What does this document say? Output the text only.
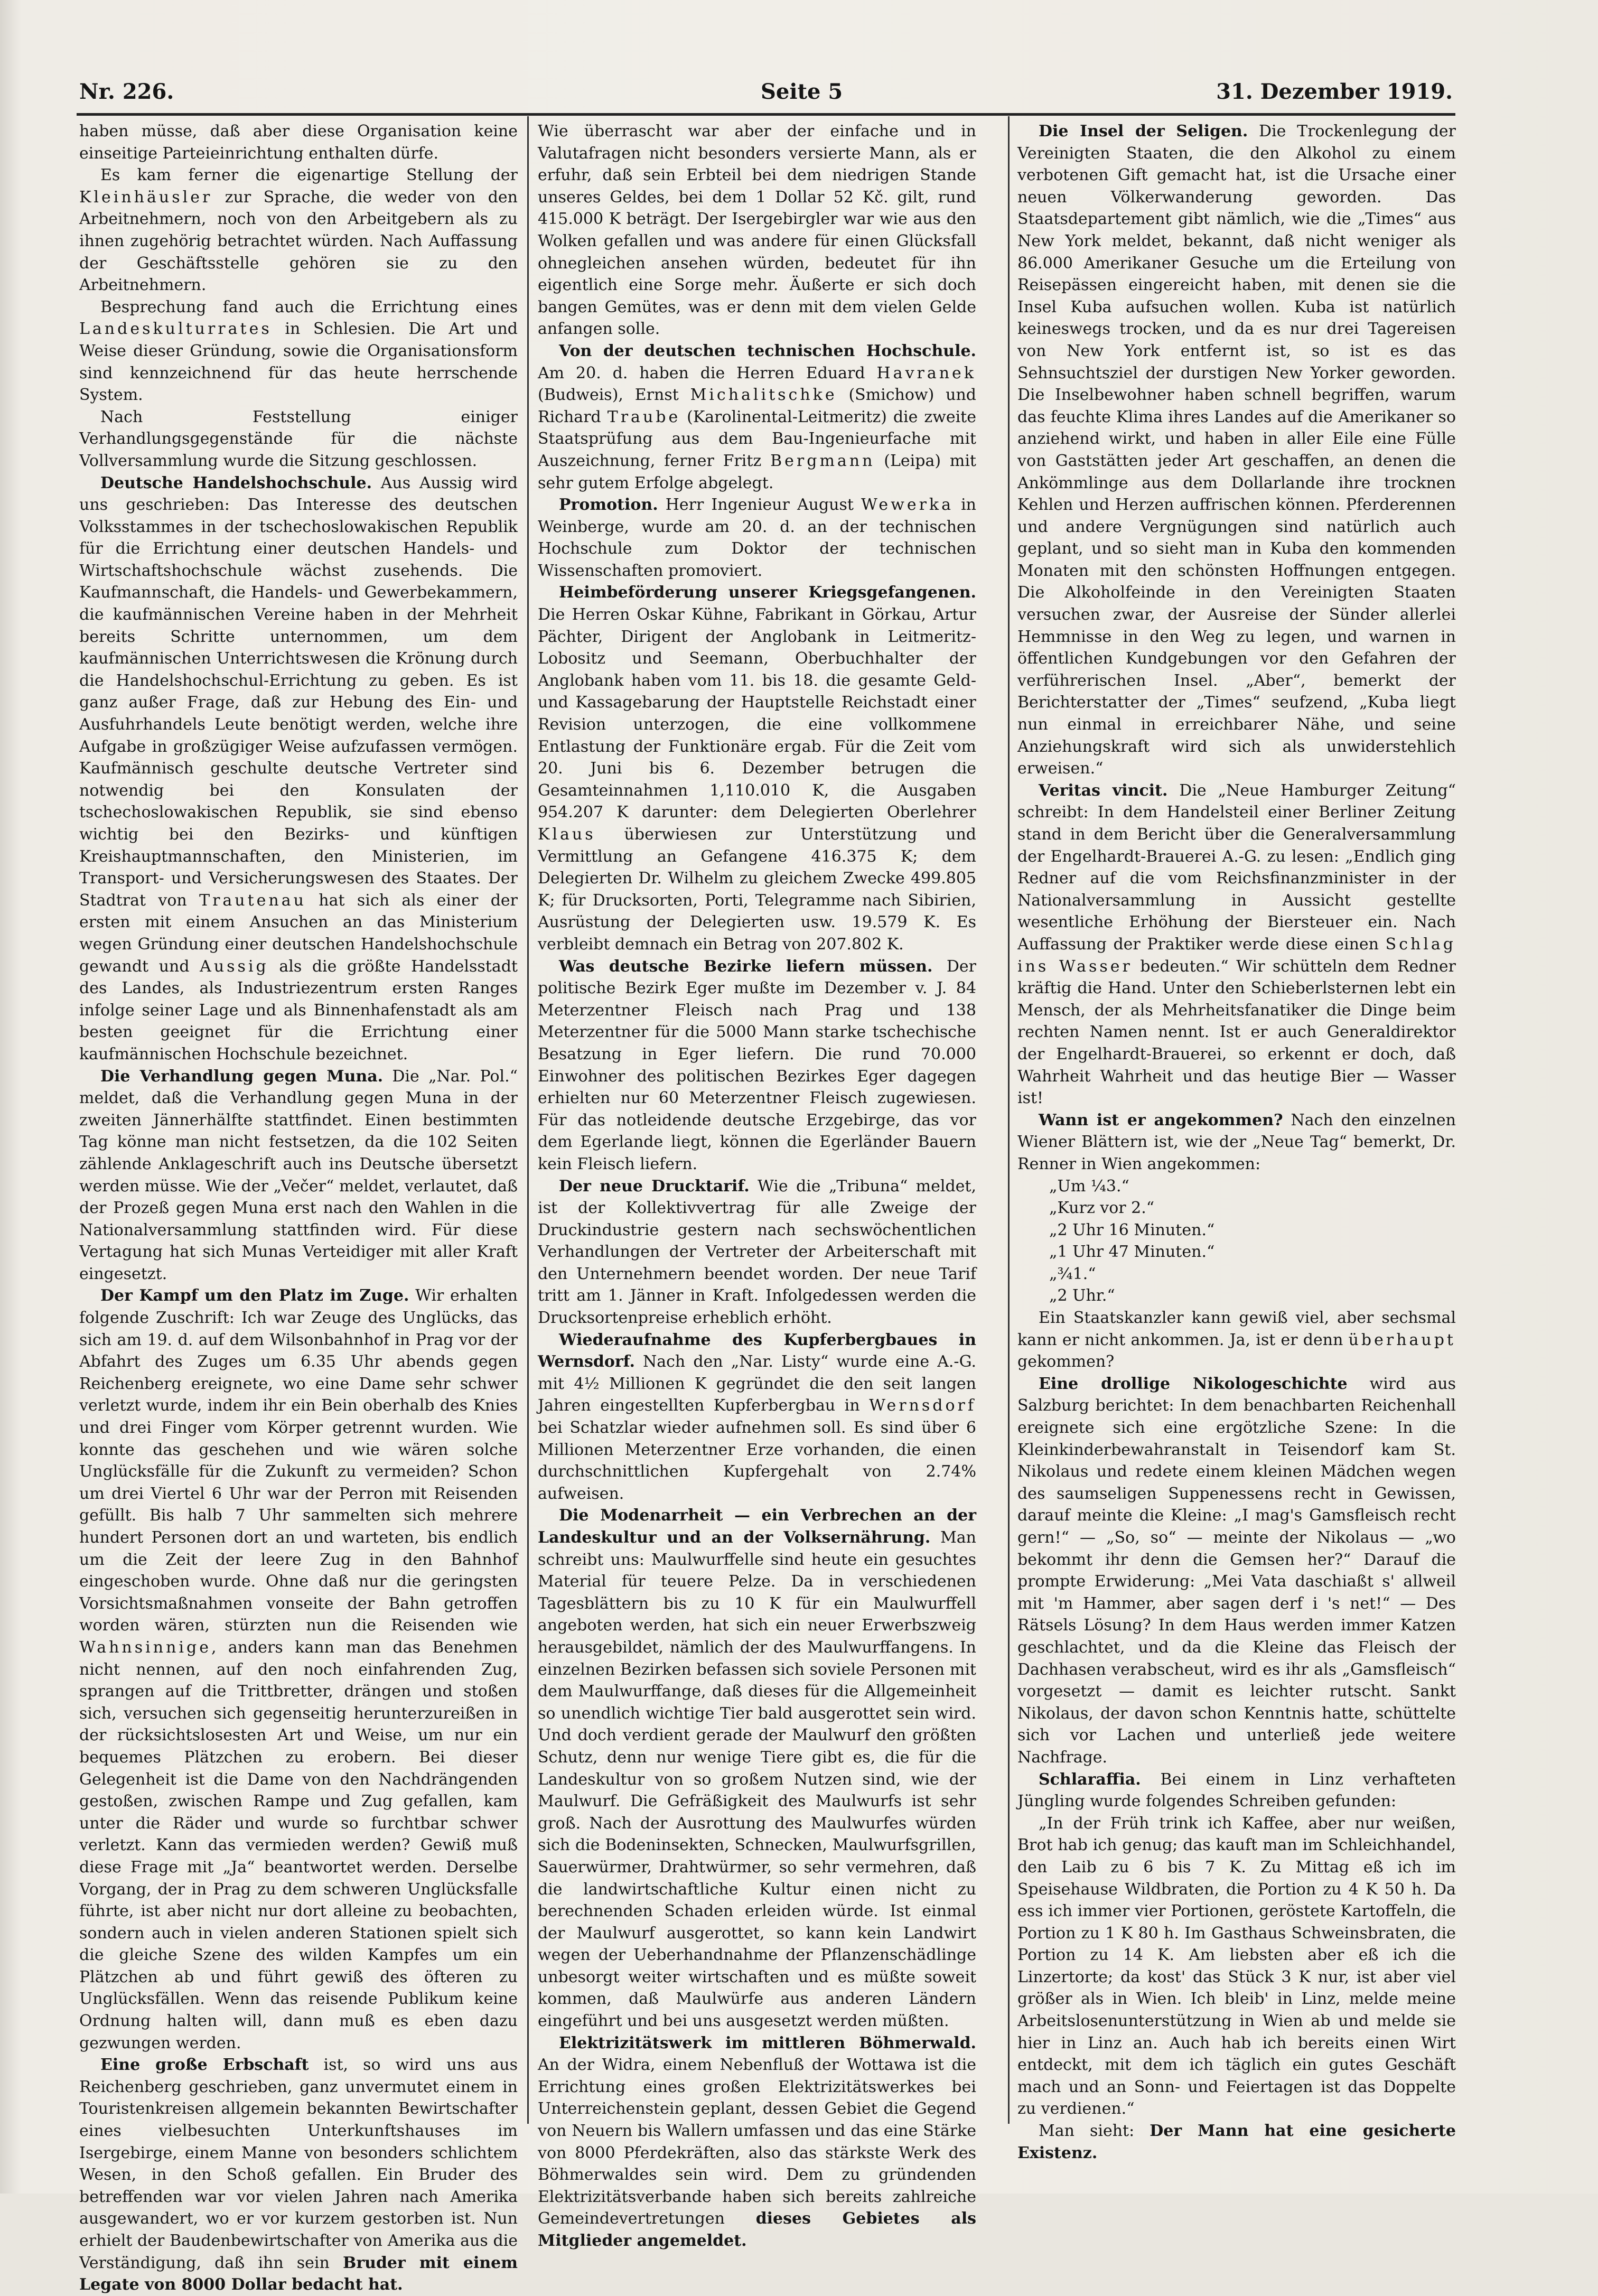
Nr. 226.	Seite 5	31. Dezember 1919.

haben müsse, daß aber diese Organisation keine einseitige Parteieinrichtung enthalten dürfe.

Es kam ferner die eigenartige Stellung der Kleinhäusler zur Sprache, die weder von den Arbeitnehmern, noch von den Arbeitgebern als zu ihnen zugehörig betrachtet würden. Nach Auffassung der Geschäftsstelle gehören sie zu den Arbeitnehmern.

Besprechung fand auch die Errichtung eines Landeskulturrates in Schlesien. Die Art und Weise dieser Gründung, sowie die Organisationsform sind kennzeichnend für das heute herrschende System.

Nach Feststellung einiger Verhandlungsgegenstände für die nächste Vollversammlung wurde die Sitzung geschlossen.

Deutsche Handelshochschule. Aus Aussig wird uns geschrieben: Das Interesse des deutschen Volksstammes in der tschechoslowakischen Republik für die Errichtung einer deutschen Handels- und Wirtschaftshochschule wächst zusehends. Die Kaufmannschaft, die Handels- und Gewerbekammern, die kaufmännischen Vereine haben in der Mehrheit bereits Schritte unternommen, um dem kaufmännischen Unterrichtswesen die Krönung durch die Handelshochschul-Errichtung zu geben. Es ist ganz außer Frage, daß zur Hebung des Ein- und Ausfuhrhandels Leute benötigt werden, welche ihre Aufgabe in großzügiger Weise aufzufassen vermögen. Kaufmännisch geschulte deutsche Vertreter sind notwendig bei den Konsulaten der tschechoslowakischen Republik, sie sind ebenso wichtig bei den Bezirks- und künftigen Kreishauptmannschaften, den Ministerien, im Transport- und Versicherungswesen des Staates. Der Stadtrat von Trautenau hat sich als einer der ersten mit einem Ansuchen an das Ministerium wegen Gründung einer deutschen Handelshochschule gewandt und Aussig als die größte Handelsstadt des Landes, als Industriezentrum ersten Ranges infolge seiner Lage und als Binnenhafenstadt als am besten geeignet für die Errichtung einer kaufmännischen Hochschule bezeichnet.

Die Verhandlung gegen Muna. Die „Nar. Pol.“ meldet, daß die Verhandlung gegen Muna in der zweiten Jännerhälfte stattfindet. Einen bestimmten Tag könne man nicht festsetzen, da die 102 Seiten zählende Anklageschrift auch ins Deutsche übersetzt werden müsse. Wie der „Večer“ meldet, verlautet, daß der Prozeß gegen Muna erst nach den Wahlen in die Nationalversammlung stattfinden wird. Für diese Vertagung hat sich Munas Verteidiger mit aller Kraft eingesetzt.

Der Kampf um den Platz im Zuge. Wir erhalten folgende Zuschrift: Ich war Zeuge des Unglücks, das sich am 19. d. auf dem Wilsonbahnhof in Prag vor der Abfahrt des Zuges um 6.35 Uhr abends gegen Reichenberg ereignete, wo eine Dame sehr schwer verletzt wurde, indem ihr ein Bein oberhalb des Knies und drei Finger vom Körper getrennt wurden. Wie konnte das geschehen und wie wären solche Unglücksfälle für die Zukunft zu vermeiden? Schon um drei Viertel 6 Uhr war der Perron mit Reisenden gefüllt. Bis halb 7 Uhr sammelten sich mehrere hundert Personen dort an und warteten, bis endlich um die Zeit der leere Zug in den Bahnhof eingeschoben wurde. Ohne daß nur die geringsten Vorsichtsmaßnahmen vonseite der Bahn getroffen worden wären, stürzten nun die Reisenden wie Wahnsinnige, anders kann man das Benehmen nicht nennen, auf den noch einfahrenden Zug, sprangen auf die Trittbretter, drängen und stoßen sich, versuchen sich gegenseitig herunterzureißen in der rücksichtslosesten Art und Weise, um nur ein bequemes Plätzchen zu erobern. Bei dieser Gelegenheit ist die Dame von den Nachdrängenden gestoßen, zwischen Rampe und Zug gefallen, kam unter die Räder und wurde so furchtbar schwer verletzt. Kann das vermieden werden? Gewiß muß diese Frage mit „Ja“ beantwortet werden. Derselbe Vorgang, der in Prag zu dem schweren Unglücksfalle führte, ist aber nicht nur dort alleine zu beobachten, sondern auch in vielen anderen Stationen spielt sich die gleiche Szene des wilden Kampfes um ein Plätzchen ab und führt gewiß des öfteren zu Unglücksfällen. Wenn das reisende Publikum keine Ordnung halten will, dann muß es eben dazu gezwungen werden.

Eine große Erbschaft ist, so wird uns aus Reichenberg geschrieben, ganz unvermutet einem in Touristenkreisen allgemein bekannten Bewirtschafter eines vielbesuchten Unterkunftshauses im Isergebirge, einem Manne von besonders schlichtem Wesen, in den Schoß gefallen. Ein Bruder des betreffenden war vor vielen Jahren nach Amerika ausgewandert, wo er vor kurzem gestorben ist. Nun erhielt der Baudenbewirtschafter von Amerika aus die Verständigung, daß ihn sein Bruder mit einem Legate von 8000 Dollar bedacht hat.

Wie überrascht war aber der einfache und in Valutafragen nicht besonders versierte Mann, als er erfuhr, daß sein Erbteil bei dem niedrigen Stande unseres Geldes, bei dem 1 Dollar 52 Kč. gilt, rund 415.000 K beträgt. Der Isergebirgler war wie aus den Wolken gefallen und was andere für einen Glücksfall ohnegleichen ansehen würden, bedeutet für ihn eigentlich eine Sorge mehr. Äußerte er sich doch bangen Gemütes, was er denn mit dem vielen Gelde anfangen solle.

Von der deutschen technischen Hochschule. Am 20. d. haben die Herren Eduard Havranek (Budweis), Ernst Michalitschke (Smichow) und Richard Traube (Karolinental-Leitmeritz) die zweite Staatsprüfung aus dem Bau-Ingenieurfache mit Auszeichnung, ferner Fritz Bergmann (Leipa) mit sehr gutem Erfolge abgelegt.

Promotion. Herr Ingenieur August Wewerka in Weinberge, wurde am 20. d. an der technischen Hochschule zum Doktor der technischen Wissenschaften promoviert.

Heimbeförderung unserer Kriegsgefangenen. Die Herren Oskar Kühne, Fabrikant in Görkau, Artur Pächter, Dirigent der Anglobank in Leitmeritz-Lobositz und Seemann, Oberbuchhalter der Anglobank haben vom 11. bis 18. die gesamte Geld- und Kassagebarung der Hauptstelle Reichstadt einer Revision unterzogen, die eine vollkommene Entlastung der Funktionäre ergab. Für die Zeit vom 20. Juni bis 6. Dezember betrugen die Gesamteinnahmen 1,110.010 K, die Ausgaben 954.207 K darunter: dem Delegierten Oberlehrer Klaus überwiesen zur Unterstützung und Vermittlung an Gefangene 416.375 K; dem Delegierten Dr. Wilhelm zu gleichem Zwecke 499.805 K; für Drucksorten, Porti, Telegramme nach Sibirien, Ausrüstung der Delegierten usw. 19.579 K. Es verbleibt demnach ein Betrag von 207.802 K.

Was deutsche Bezirke liefern müssen. Der politische Bezirk Eger mußte im Dezember v. J. 84 Meterzentner Fleisch nach Prag und 138 Meterzentner für die 5000 Mann starke tschechische Besatzung in Eger liefern. Die rund 70.000 Einwohner des politischen Bezirkes Eger dagegen erhielten nur 60 Meterzentner Fleisch zugewiesen. Für das notleidende deutsche Erzgebirge, das vor dem Egerlande liegt, können die Egerländer Bauern kein Fleisch liefern.

Der neue Drucktarif. Wie die „Tribuna“ meldet, ist der Kollektivvertrag für alle Zweige der Druckindustrie gestern nach sechswöchentlichen Verhandlungen der Vertreter der Arbeiterschaft mit den Unternehmern beendet worden. Der neue Tarif tritt am 1. Jänner in Kraft. Infolgedessen werden die Drucksortenpreise erheblich erhöht.

Wiederaufnahme des Kupferbergbaues in Wernsdorf. Nach den „Nar. Listy“ wurde eine A.-G. mit 4½ Millionen K gegründet die den seit langen Jahren eingestellten Kupferbergbau in Wernsdorf bei Schatzlar wieder aufnehmen soll. Es sind über 6 Millionen Meterzentner Erze vorhanden, die einen durchschnittlichen Kupfergehalt von 2.74% aufweisen.

Die Modenarrheit — ein Verbrechen an der Landeskultur und an der Volksernährung. Man schreibt uns: Maulwurffelle sind heute ein gesuchtes Material für teuere Pelze. Da in verschiedenen Tagesblättern bis zu 10 K für ein Maulwurffell angeboten werden, hat sich ein neuer Erwerbszweig herausgebildet, nämlich der des Maulwurffangens. In einzelnen Bezirken befassen sich soviele Personen mit dem Maulwurffange, daß dieses für die Allgemeinheit so unendlich wichtige Tier bald ausgerottet sein wird. Und doch verdient gerade der Maulwurf den größten Schutz, denn nur wenige Tiere gibt es, die für die Landeskultur von so großem Nutzen sind, wie der Maulwurf. Die Gefräßigkeit des Maulwurfs ist sehr groß. Nach der Ausrottung des Maulwurfes würden sich die Bodeninsekten, Schnecken, Maulwurfsgrillen, Sauerwürmer, Drahtwürmer, so sehr vermehren, daß die landwirtschaftliche Kultur einen nicht zu berechnenden Schaden erleiden würde. Ist einmal der Maulwurf ausgerottet, so kann kein Landwirt wegen der Ueberhandnahme der Pflanzenschädlinge unbesorgt weiter wirtschaften und es müßte soweit kommen, daß Maulwürfe aus anderen Ländern eingeführt und bei uns ausgesetzt werden müßten.

Elektrizitätswerk im mittleren Böhmerwald. An der Widra, einem Nebenfluß der Wottawa ist die Errichtung eines großen Elektrizitätswerkes bei Unterreichenstein geplant, dessen Gebiet die Gegend von Neuern bis Wallern umfassen und das eine Stärke von 8000 Pferdekräften, also das stärkste Werk des Böhmerwaldes sein wird. Dem zu gründenden Elektrizitätsverbande haben sich bereits zahlreiche Gemeindevertretungen dieses Gebietes als Mitglieder angemeldet.

Die Insel der Seligen. Die Trockenlegung der Vereinigten Staaten, die den Alkohol zu einem verbotenen Gift gemacht hat, ist die Ursache einer neuen Völkerwanderung geworden. Das Staatsdepartement gibt nämlich, wie die „Times“ aus New York meldet, bekannt, daß nicht weniger als 86.000 Amerikaner Gesuche um die Erteilung von Reisepässen eingereicht haben, mit denen sie die Insel Kuba aufsuchen wollen. Kuba ist natürlich keineswegs trocken, und da es nur drei Tagereisen von New York entfernt ist, so ist es das Sehnsuchtsziel der durstigen New Yorker geworden. Die Inselbewohner haben schnell begriffen, warum das feuchte Klima ihres Landes auf die Amerikaner so anziehend wirkt, und haben in aller Eile eine Fülle von Gaststätten jeder Art geschaffen, an denen die Ankömmlinge aus dem Dollarlande ihre trocknen Kehlen und Herzen auffrischen können. Pferderennen und andere Vergnügungen sind natürlich auch geplant, und so sieht man in Kuba den kommenden Monaten mit den schönsten Hoffnungen entgegen. Die Alkoholfeinde in den Vereinigten Staaten versuchen zwar, der Ausreise der Sünder allerlei Hemmnisse in den Weg zu legen, und warnen in öffentlichen Kundgebungen vor den Gefahren der verführerischen Insel. „Aber“, bemerkt der Berichterstatter der „Times“ seufzend, „Kuba liegt nun einmal in erreichbarer Nähe, und seine Anziehungskraft wird sich als unwiderstehlich erweisen.“

Veritas vincit. Die „Neue Hamburger Zeitung“ schreibt: In dem Handelsteil einer Berliner Zeitung stand in dem Bericht über die Generalversammlung der Engelhardt-Brauerei A.-G. zu lesen: „Endlich ging Redner auf die vom Reichsfinanzminister in der Nationalversammlung in Aussicht gestellte wesentliche Erhöhung der Biersteuer ein. Nach Auffassung der Praktiker werde diese einen Schlag ins Wasser bedeuten.“ Wir schütteln dem Redner kräftig die Hand. Unter den Schieberlsternen lebt ein Mensch, der als Mehrheitsfanatiker die Dinge beim rechten Namen nennt. Ist er auch Generaldirektor der Engelhardt-Brauerei, so erkennt er doch, daß Wahrheit Wahrheit und das heutige Bier — Wasser ist!

Wann ist er angekommen? Nach den einzelnen Wiener Blättern ist, wie der „Neue Tag“ bemerkt, Dr. Renner in Wien angekommen:

„Um ¼3.“
„Kurz vor 2.“
„2 Uhr 16 Minuten.“
„1 Uhr 47 Minuten.“
„¾1.“
„2 Uhr.“

Ein Staatskanzler kann gewiß viel, aber sechsmal kann er nicht ankommen. Ja, ist er denn überhaupt gekommen?

Eine drollige Nikologeschichte wird aus Salzburg berichtet: In dem benachbarten Reichenhall ereignete sich eine ergötzliche Szene: In die Kleinkinderbewahranstalt in Teisendorf kam St. Nikolaus und redete einem kleinen Mädchen wegen des saumseligen Suppenessens recht in Gewissen, darauf meinte die Kleine: „I mag's Gamsfleisch recht gern!“ — „So, so“ — meinte der Nikolaus — „wo bekommt ihr denn die Gemsen her?“ Darauf die prompte Erwiderung: „Mei Vata daschiaßt s' allweil mit 'm Hammer, aber sagen derf i 's net!“ — Des Rätsels Lösung? In dem Haus werden immer Katzen geschlachtet, und da die Kleine das Fleisch der Dachhasen verabscheut, wird es ihr als „Gamsfleisch“ vorgesetzt — damit es leichter rutscht. Sankt Nikolaus, der davon schon Kenntnis hatte, schüttelte sich vor Lachen und unterließ jede weitere Nachfrage.

Schlaraffia. Bei einem in Linz verhafteten Jüngling wurde folgendes Schreiben gefunden:

„In der Früh trink ich Kaffee, aber nur weißen, Brot hab ich genug; das kauft man im Schleichhandel, den Laib zu 6 bis 7 K. Zu Mittag eß ich im Speisehause Wildbraten, die Portion zu 4 K 50 h. Da ess ich immer vier Portionen, geröstete Kartoffeln, die Portion zu 1 K 80 h. Im Gasthaus Schweinsbraten, die Portion zu 14 K. Am liebsten aber eß ich die Linzertorte; da kost' das Stück 3 K nur, ist aber viel größer als in Wien. Ich bleib' in Linz, melde meine Arbeitslosenunterstützung in Wien ab und melde sie hier in Linz an. Auch hab ich bereits einen Wirt entdeckt, mit dem ich täglich ein gutes Geschäft mach und an Sonn- und Feiertagen ist das Doppelte zu verdienen.“

Man sieht: Der Mann hat eine gesicherte Existenz.
